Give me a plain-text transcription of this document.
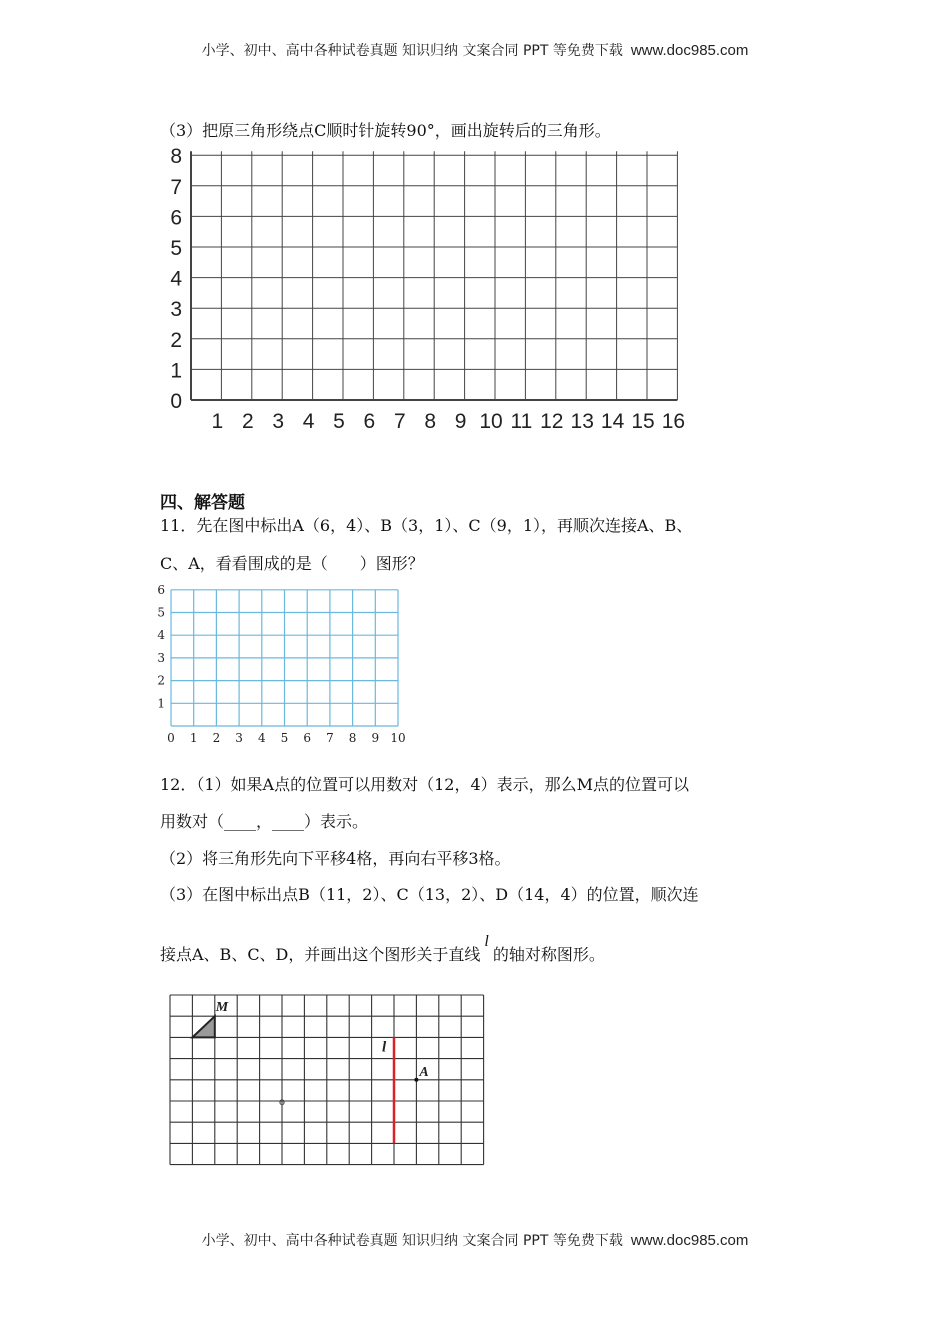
小学、初中、高中各种试卷真题 知识归纳 文案合同 PPT 等免费下载 www.doc985.com
（3）把原三角形绕点C顺时针旋转90°，画出旋转后的三角形。
0
1
2
3
4
5
6
7
8
1 2 3 4 5 6 7 8 9 10 11 12 13 14 15 16
四、解答题
11．先在图中标出A（6，4）、B（3，1）、C（9，1），再顺次连接A、B、
C、A，看看围成的是（　　）图形？
0 1 2 3 4 5 6 7 8 9 10
1
2
3
4
5
6
12．（1）如果A点的位置可以用数对（12，4）表示，那么M点的位置可以
用数对（____，____）表示。
（2）将三角形先向下平移4格，再向右平移3格。
（3）在图中标出点B（11，2）、C（13，2）、D（14，4）的位置，顺次连
接点A、B、C、D，并画出这个图形关于直线l的轴对称图形。
M
l
A
o
小学、初中、高中各种试卷真题 知识归纳 文案合同 PPT 等免费下载 www.doc985.com
